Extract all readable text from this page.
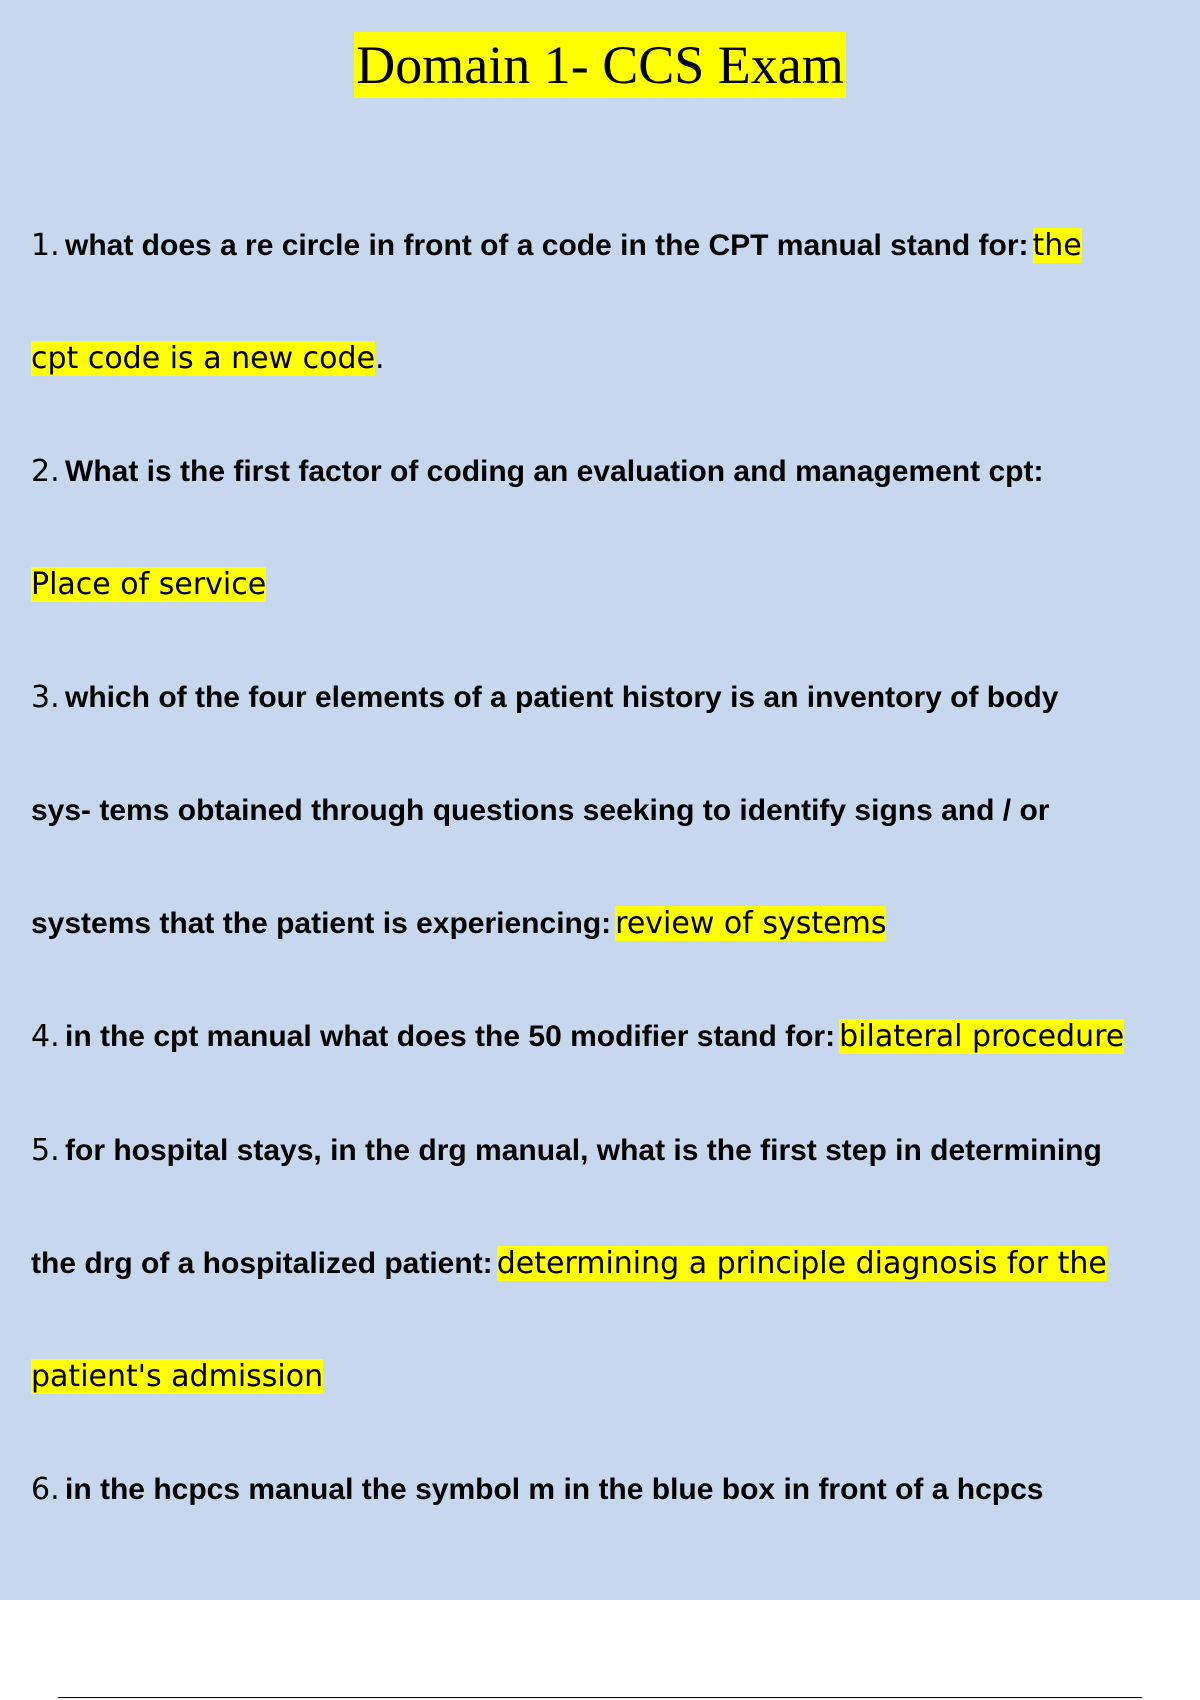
Domain 1- CCS Exam
1. what does a re circle in front of a code in the CPT manual stand for: the
cpt code is a new code.
2. What is the first factor of coding an evaluation and management cpt:
Place of service
3. which of the four elements of a patient history is an inventory of body
sys- tems obtained through questions seeking to identify signs and / or
systems that the patient is experiencing: review of systems
4. in the cpt manual what does the 50 modifier stand for: bilateral procedure
5. for hospital stays, in the drg manual, what is the first step in determining
the drg of a hospitalized patient: determining a principle diagnosis for the
patient's admission
6. in the hcpcs manual the symbol m in the blue box in front of a hcpcs
